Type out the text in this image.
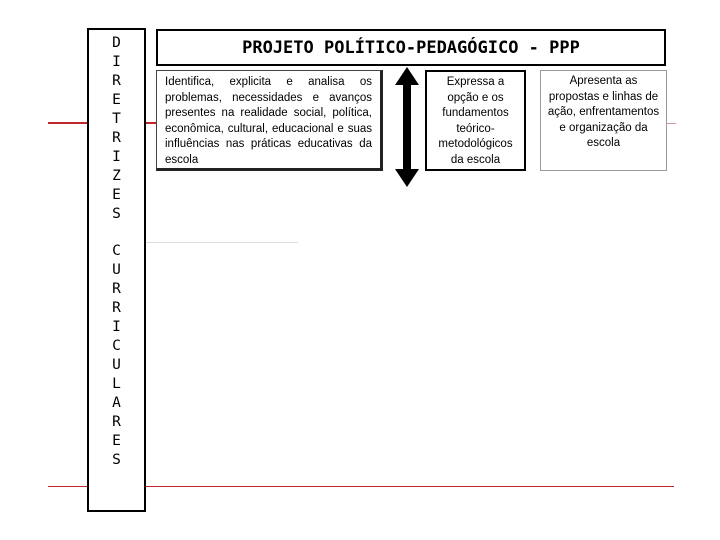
D
I
R
E
T
R
I
Z
E
S
C
U
R
R
I
C
U
L
A
R
E
S
PROJETO POLÍTICO-PEDAGÓGICO - PPP
Identifica, explicita e analisa os problemas, necessidades e avanços presentes na realidade social, política, econômica, cultural, educacional e suas influências nas práticas educativas da escola
Expressa a opção e os fundamentos teórico-metodológicos da escola
Apresenta as propostas e linhas de ação, enfrentamentos e organização da escola
